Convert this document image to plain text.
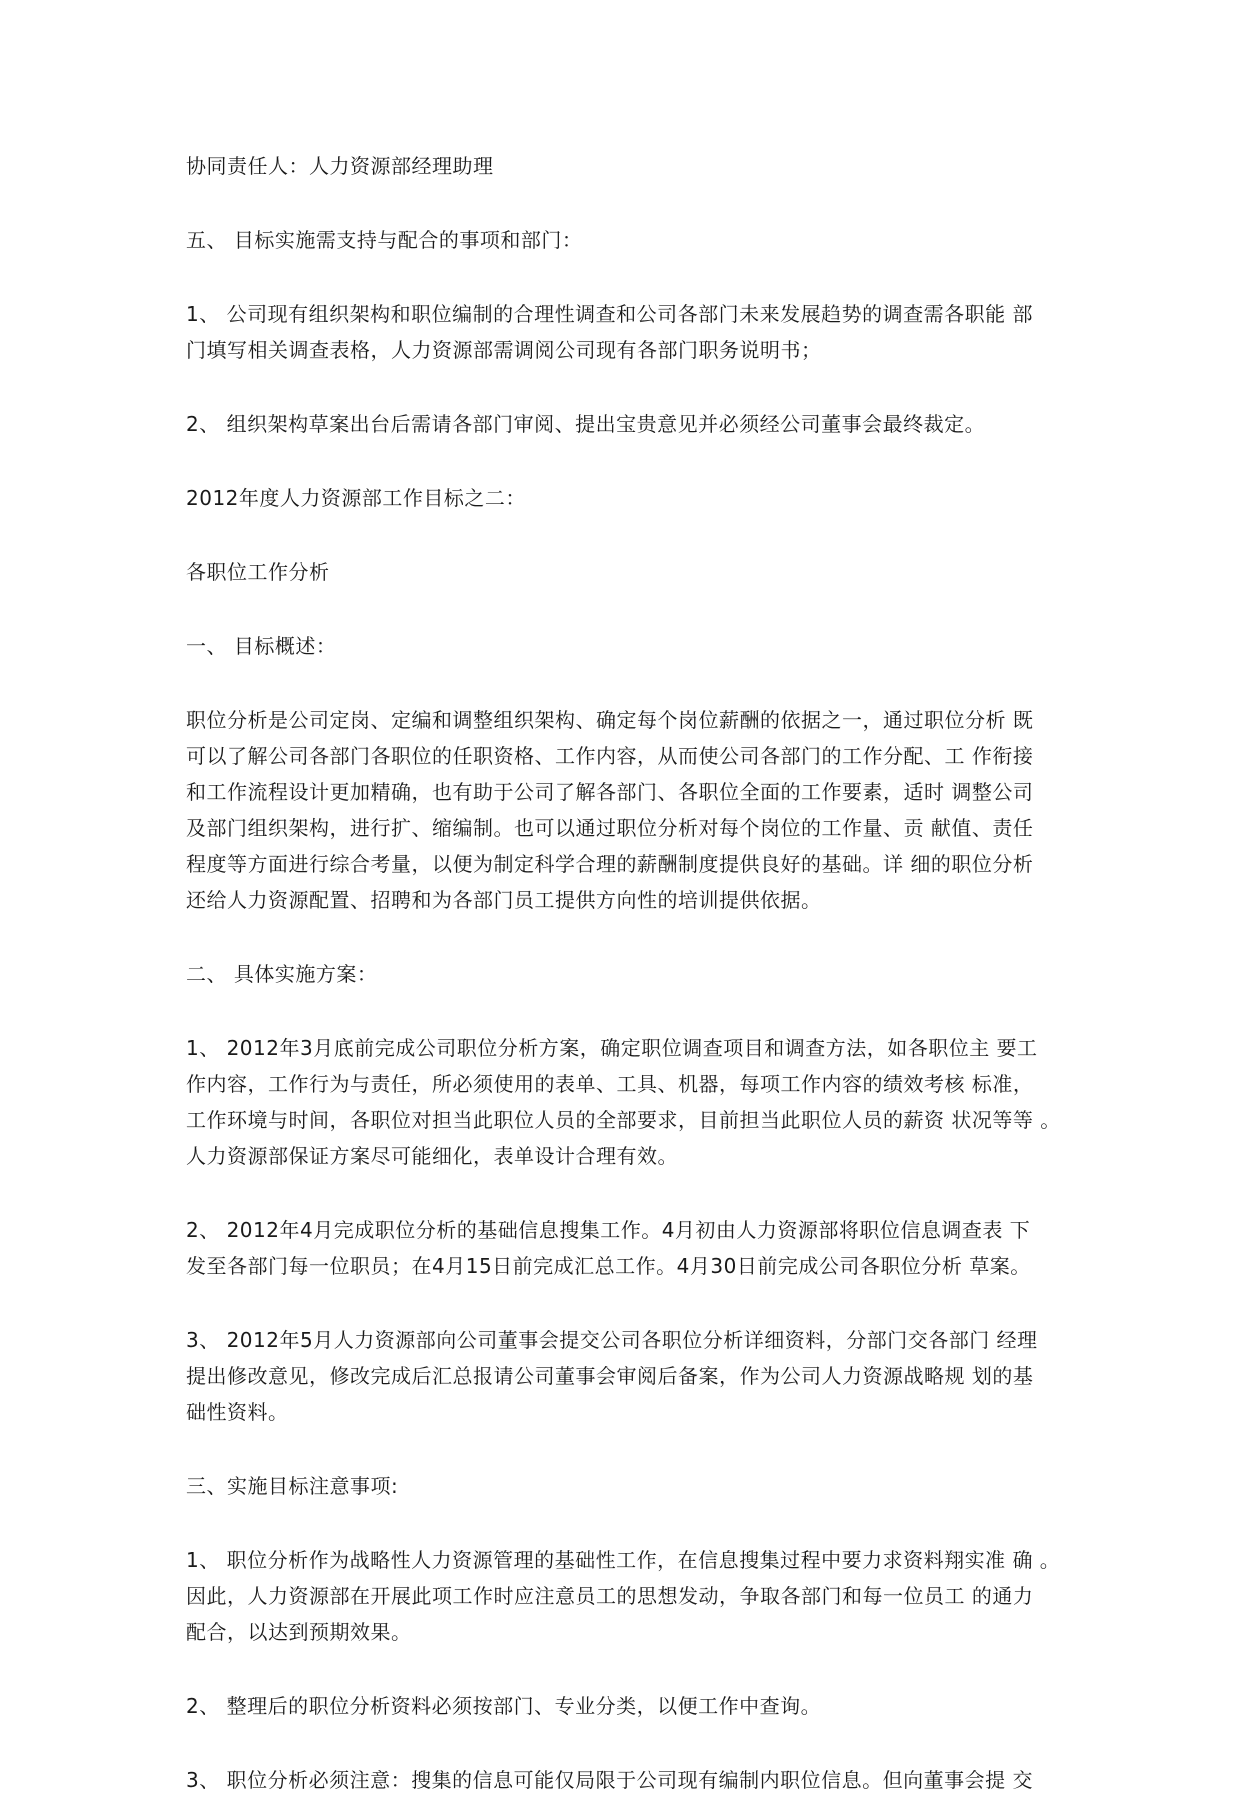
协同责任人：人力资源部经理助理

五、 目标实施需支持与配合的事项和部门：

1、 公司现有组织架构和职位编制的合理性调查和公司各部门未来发展趋势的调查需各职能 部
门填写相关调查表格，人力资源部需调阅公司现有各部门职务说明书；

2、 组织架构草案出台后需请各部门审阅、提出宝贵意见并必须经公司董事会最终裁定。

2012年度人力资源部工作目标之二：

各职位工作分析

一、 目标概述：

职位分析是公司定岗、定编和调整组织架构、确定每个岗位薪酬的依据之一，通过职位分析 既
可以了解公司各部门各职位的任职资格、工作内容，从而使公司各部门的工作分配、工 作衔接
和工作流程设计更加精确，也有助于公司了解各部门、各职位全面的工作要素，适时 调整公司
及部门组织架构，进行扩、缩编制。也可以通过职位分析对每个岗位的工作量、贡 献值、责任
程度等方面进行综合考量，以便为制定科学合理的薪酬制度提供良好的基础。详 细的职位分析
还给人力资源配置、招聘和为各部门员工提供方向性的培训提供依据。

二、 具体实施方案：

1、 2012年3月底前完成公司职位分析方案，确定职位调查项目和调查方法，如各职位主 要工
作内容，工作行为与责任，所必须使用的表单、工具、机器，每项工作内容的绩效考核 标准，
工作环境与时间，各职位对担当此职位人员的全部要求，目前担当此职位人员的薪资 状况等等 。
人力资源部保证方案尽可能细化，表单设计合理有效。

2、 2012年4月完成职位分析的基础信息搜集工作。4月初由人力资源部将职位信息调查表 下
发至各部门每一位职员；在4月15日前完成汇总工作。4月30日前完成公司各职位分析 草案。

3、 2012年5月人力资源部向公司董事会提交公司各职位分析详细资料，分部门交各部门 经理
提出修改意见，修改完成后汇总报请公司董事会审阅后备案，作为公司人力资源战略规 划的基
础性资料。

三、实施目标注意事项:

1、 职位分析作为战略性人力资源管理的基础性工作，在信息搜集过程中要力求资料翔实准 确 。
因此，人力资源部在开展此项工作时应注意员工的思想发动，争取各部门和每一位员工 的通力
配合，以达到预期效果。

2、 整理后的职位分析资料必须按部门、专业分类，以便工作中查询。

3、 职位分析必须注意：搜集的信息可能仅局限于公司现有编制内职位信息。但向董事会提 交
